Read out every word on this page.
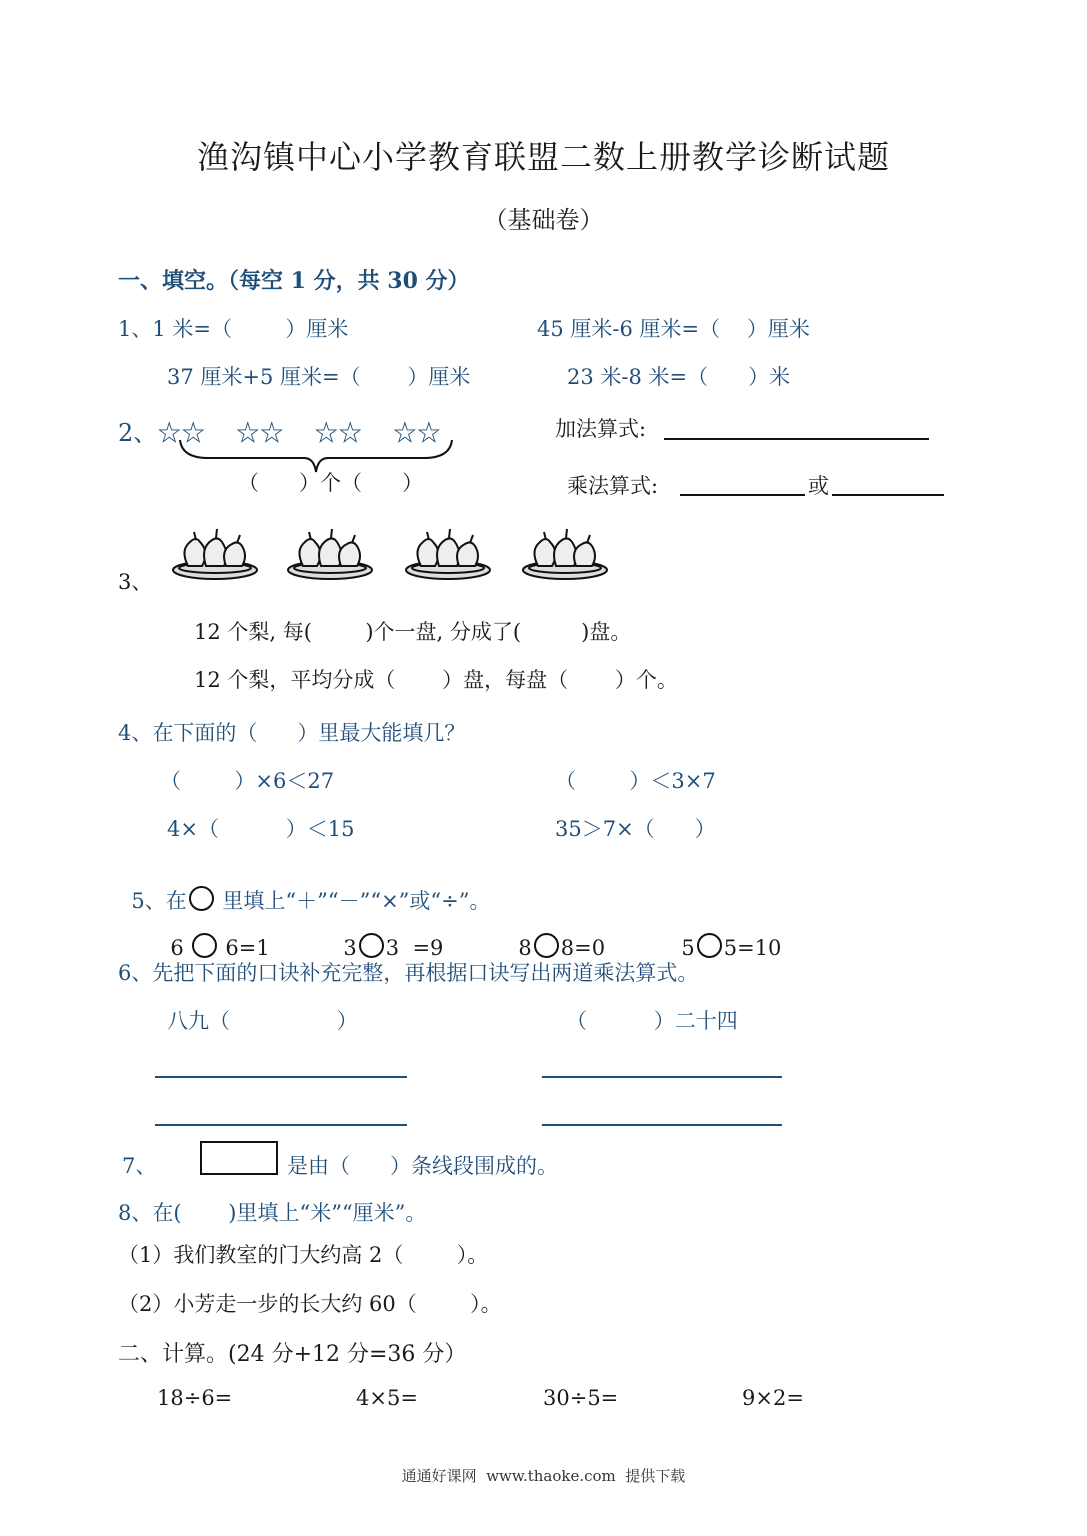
渔沟镇中心小学教育联盟二数上册教学诊断试题
（基础卷）
一、填空。（每空 1 分，共 30 分）
1、1 米=（        ）厘米	45 厘米-6 厘米=（    ）厘米
37 厘米+5 厘米=（       ）厘米	23 米-8 米=（      ）米
2、☆☆    ☆☆    ☆☆    ☆☆
（      ）个（      ）
加法算式:
乘法算式:	或
3、
12 个梨, 每(        )个一盘, 分成了(         )盘。
12 个梨，平均分成（       ）盘，每盘（       ）个。
4、在下面的（      ）里最大能填几？
（        ）×6＜27	（        ）＜3×7
4×（          ）＜15	35＞7×（      ）

5、在 里填上“＋”“－”“×”或“÷”。

6 6=1	3 3  =9	8 8=0	5 5=10

6、先把下面的口诀补充完整，再根据口诀写出两道乘法算式。
八九（                ）	（          ）二十四
7、	是由（      ）条线段围成的。
8、在(       )里填上“米”“厘米”。
（1）我们教室的门大约高 2（        ）。
（2）小芳走一步的长大约 60（        ）。
二、计算。(24 分+12 分=36 分）
18÷6=	4×5=	30÷5=	9×2=
通通好课网  www.thaoke.com  提供下载
